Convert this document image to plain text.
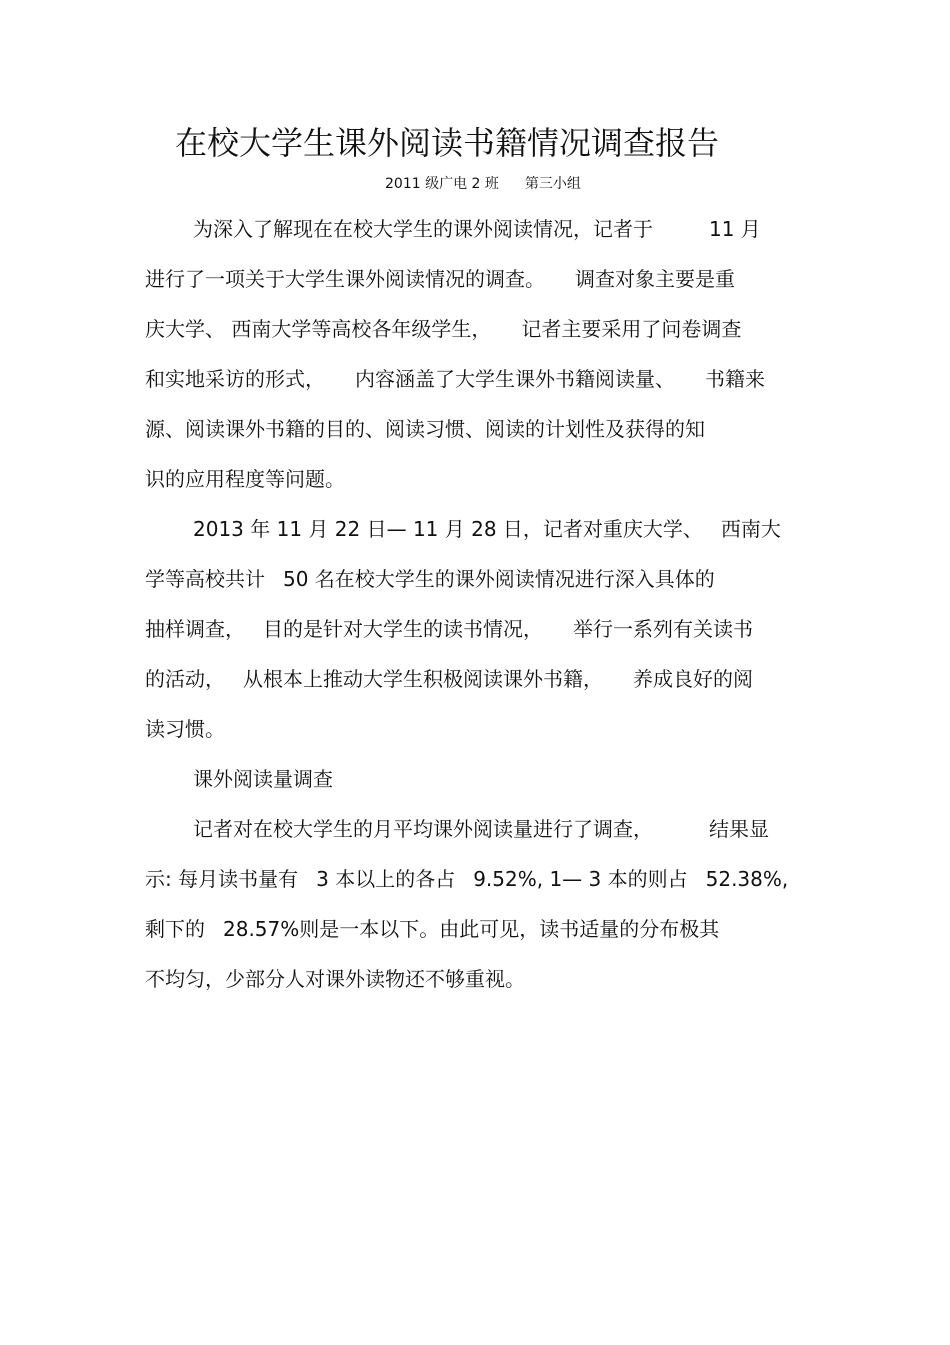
在校大学生课外阅读书籍情况调查报告
2011 级广电 2 班 第三小组
为深入了解现在在校大学生的课外阅读情况，记者于	11 月
进行了一项关于大学生课外阅读情况的调查。 调查对象主要是重
庆大学、 西南大学等高校各年级学生， 记者主要采用了问卷调查
和实地采访的形式， 内容涵盖了大学生课外书籍阅读量、 书籍来
源、阅读课外书籍的目的、阅读习惯、阅读的计划性及获得的知
识的应用程度等问题。
2013 年 11 月 22 日— 11 月 28 日，记者对重庆大学、 西南大
学等高校共计 50 名在校大学生的课外阅读情况进行深入具体的
抽样调查， 目的是针对大学生的读书情况， 举行一系列有关读书
的活动， 从根本上推动大学生积极阅读课外书籍， 养成良好的阅
读习惯。
课外阅读量调查
记者对在校大学生的月平均课外阅读量进行了调查，	结果显
示: 每月读书量有 3 本以上的各占 9.52%, 1— 3 本的则占 52.38%,
剩下的 28.57%则是一本以下。由此可见，读书适量的分布极其
不均匀，少部分人对课外读物还不够重视。
